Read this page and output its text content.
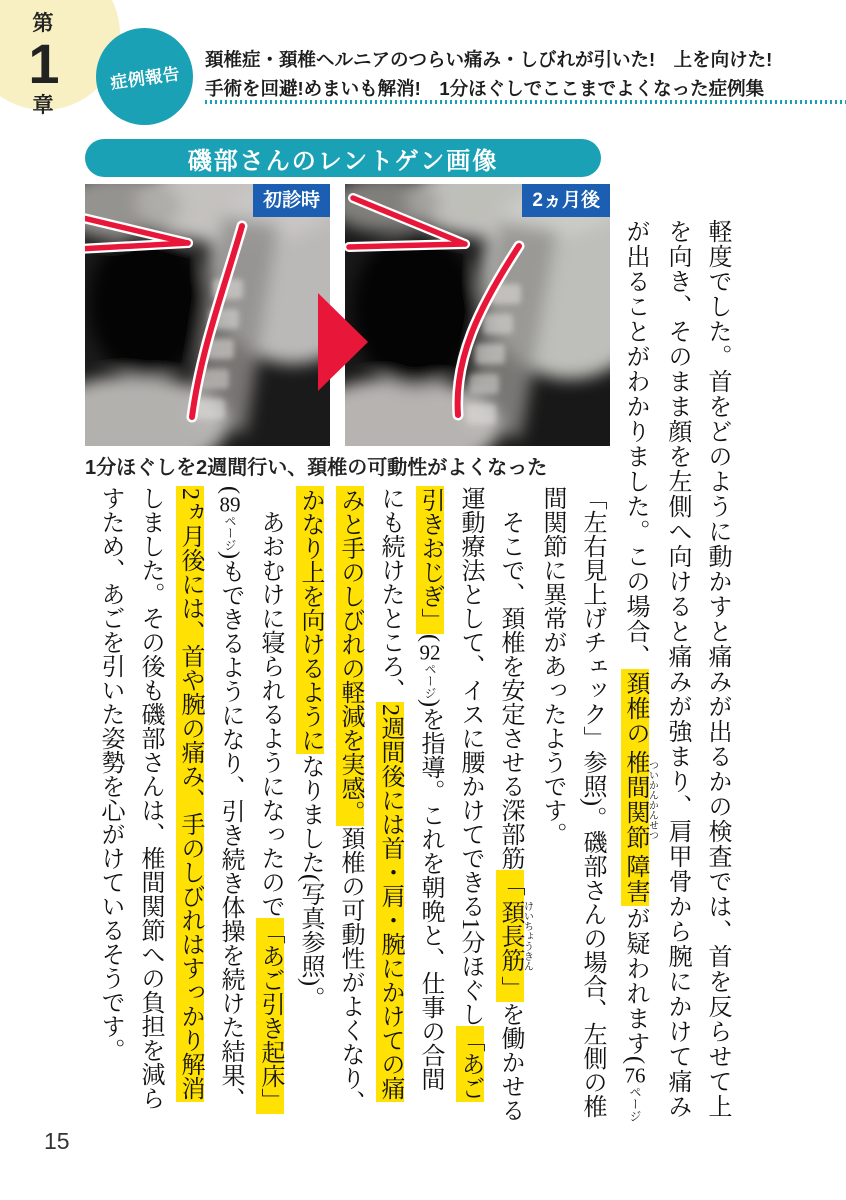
第
1
章
症例報告
頚椎症・頚椎ヘルニアのつらい痛み・しびれが引いた!　上を向けた!
手術を回避!めまいも解消!　1分ほぐしでここまでよくなった症例集
磯部さんのレントゲン画像
初診時	2ヵ月後
1分ほぐしを2週間行い、頚椎の可動性がよくなった	軽度でした。首をどのように動かすと痛みが出るかの検査では、首を反らせて上
を向き、そのまま顔を左側へ向けると痛みが強まり、肩甲骨から腕にかけて痛み
が出ることがわかりました。この場合、頚椎の椎間関節ついかんかんせつ障害が疑われます(76ページ
「左右見上げチェック」参照)。磯部さんの場合、左側の椎
間関節に異常があったようです。
そこで、頚椎を安定させる深部筋「頚長筋けいちょうきん」を働かせる
運動療法として、イスに腰かけてできる1分ほぐし「あご
引きおじぎ」(92ページ)を指導。これを朝晩と、仕事の合間
にも続けたところ、2週間後には首・肩・腕にかけての痛
みと手のしびれの軽減を実感。頚椎の可動性がよくなり、
かなり上を向けるようになりました(写真参照)。
あおむけに寝られるようになったので「あご引き起床」
(89ページ)もできるようになり、引き続き体操を続けた結果、
2ヵ月後には、首や腕の痛み、手のしびれはすっかり解消
しました。その後も磯部さんは、椎間関節への負担を減ら
すため、あごを引いた姿勢を心がけているそうです。
15
